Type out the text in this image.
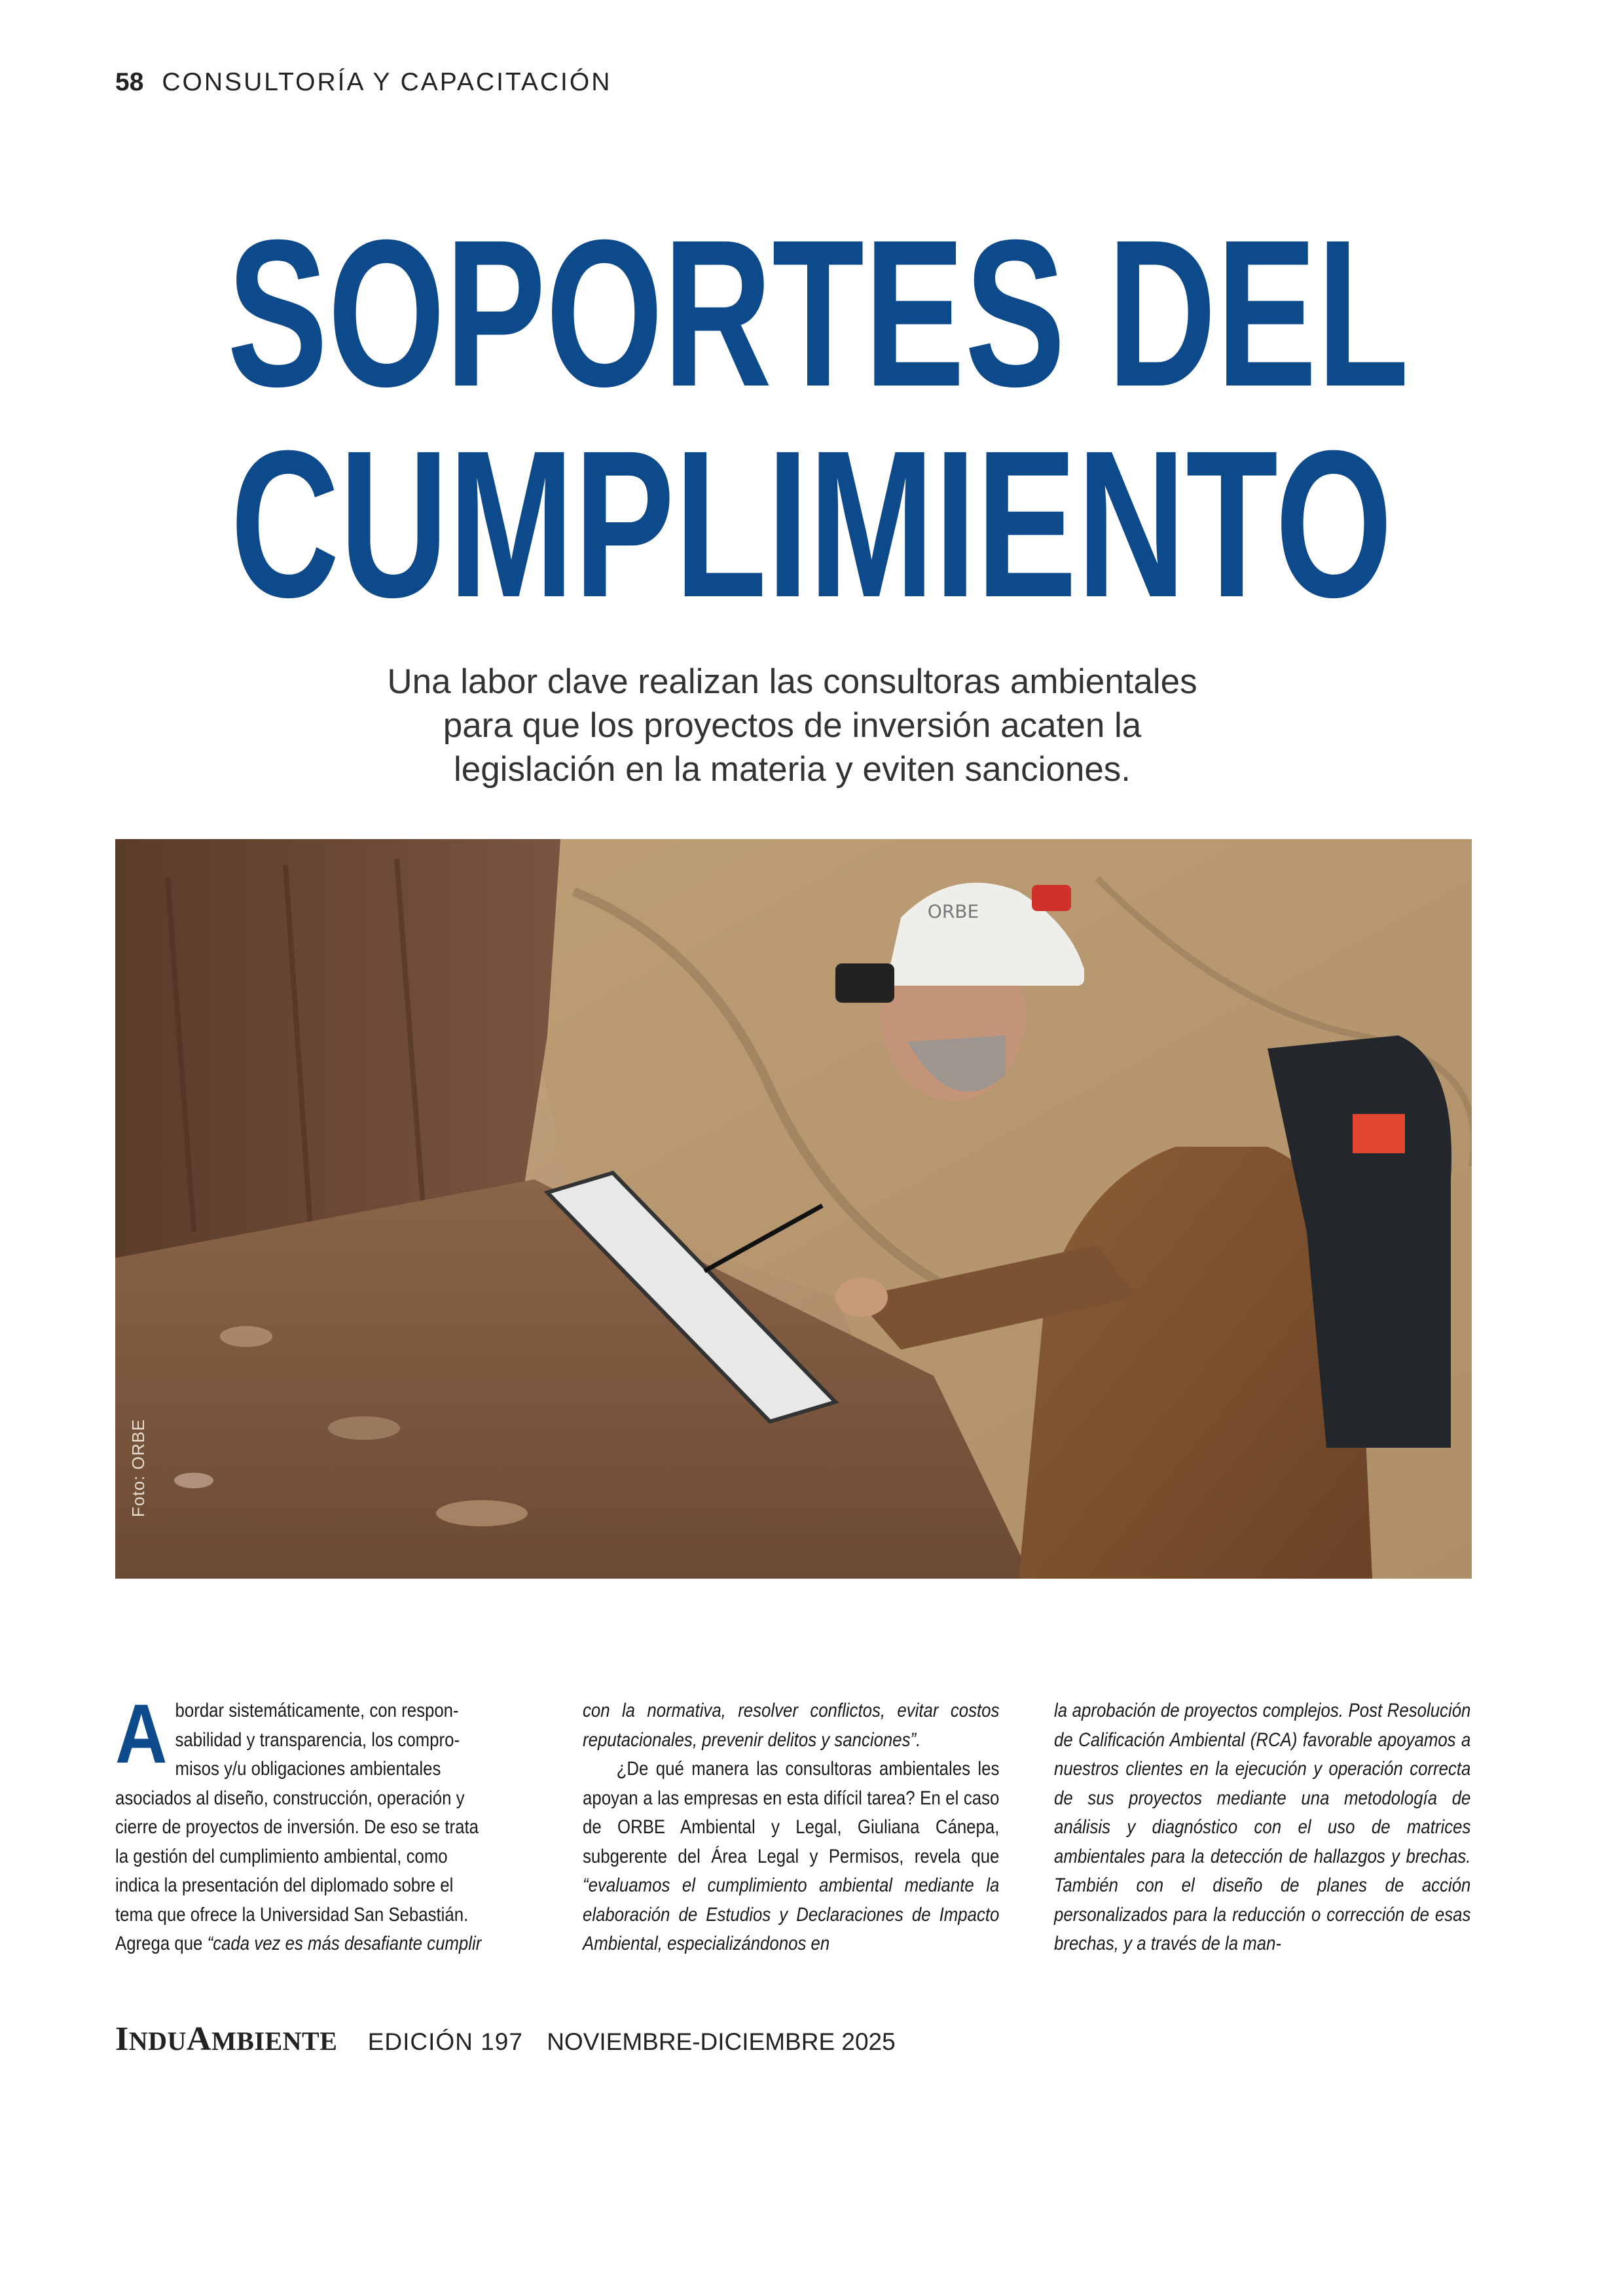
58 CONSULTORÍA Y CAPACITACIÓN
SOPORTES DEL
CUMPLIMIENTO
Una labor clave realizan las consultoras ambientales
para que los proyectos de inversión acaten la
legislación en la materia y eviten sanciones.
ORBE
Foto: ORBE
A bordar sistemáticamente, con respon-
sabilidad y transparencia, los compro-
misos y/u obligaciones ambientales
asociados al diseño, construcción, operación y
cierre de proyectos de inversión. De eso se trata
la gestión del cumplimiento ambiental, como
indica la presentación del diplomado sobre el
tema que ofrece la Universidad San Sebastián.
Agrega que “cada vez es más desafiante cumplir

con la normativa, resolver conflictos, evitar costos reputacionales, prevenir delitos y sanciones”.

¿De qué manera las consultoras ambientales les apoyan a las empresas en esta difícil tarea? En el caso de ORBE Ambiental y Legal, Giuliana Cánepa, subgerente del Área Legal y Permisos, revela que “evaluamos el cumplimiento ambiental mediante la elaboración de Estudios y Declaraciones de Impacto Ambiental, especializándonos en

la aprobación de proyectos complejos. Post Resolución de Calificación Ambiental (RCA) favorable apoyamos a nuestros clientes en la ejecución y operación correcta de sus proyectos mediante una metodología de análisis y diagnóstico con el uso de matrices ambientales para la detección de hallazgos y brechas. También con el diseño de planes de acción personalizados para la reducción o corrección de esas brechas, y a través de la man-

INDUAMBIENTE EDICIÓN 197 NOVIEMBRE-DICIEMBRE 2025
